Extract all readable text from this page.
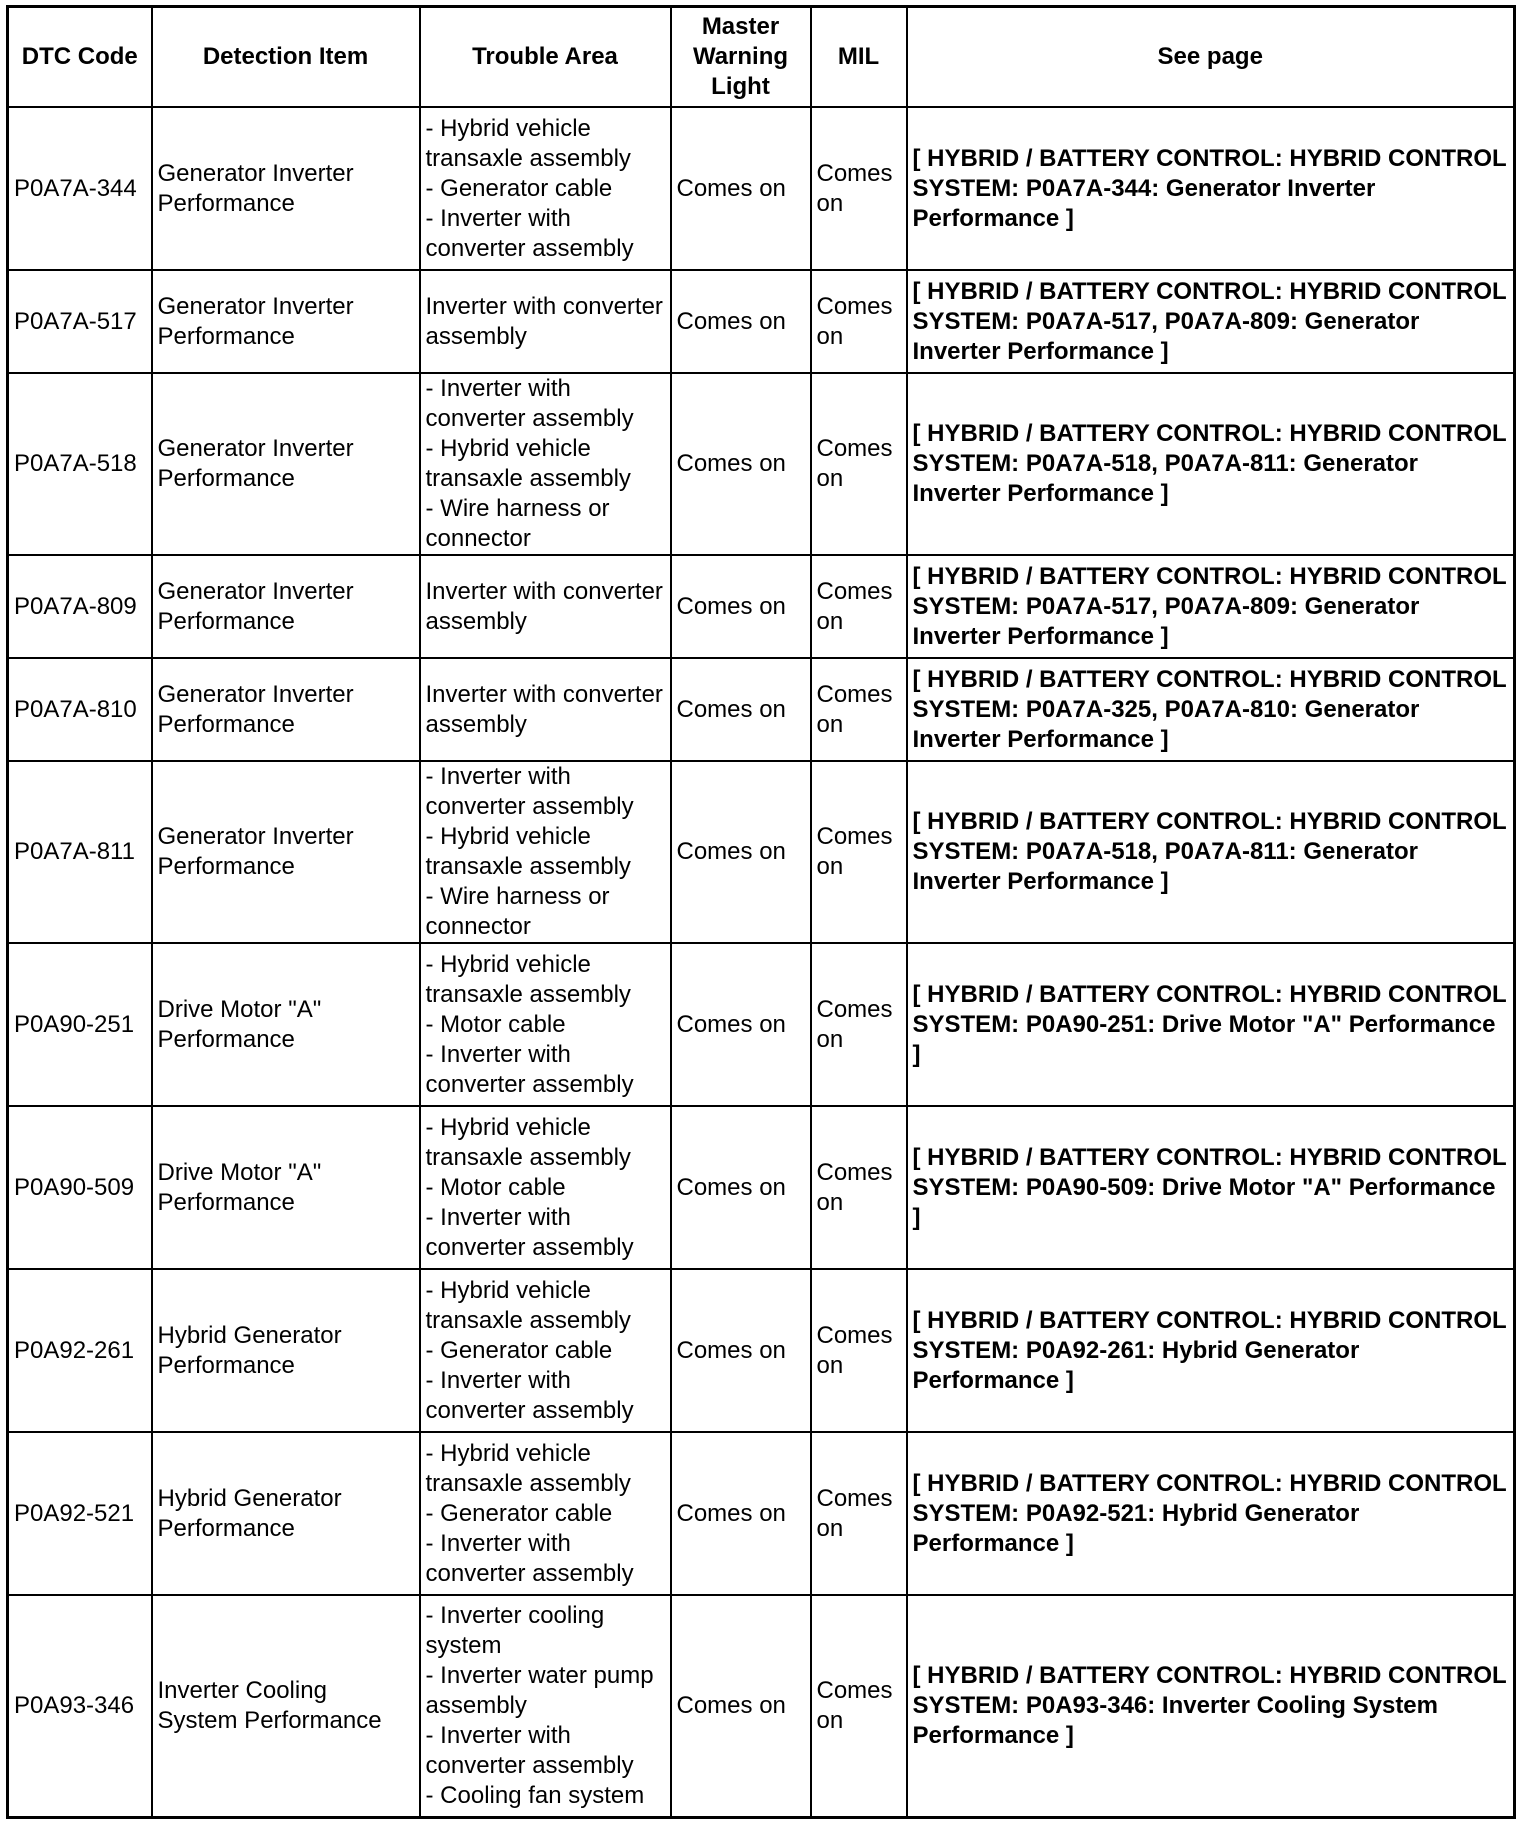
DTC Code	Detection Item	Trouble Area	Master Warning Light	MIL	See page
P0A7A-344	Generator Inverter Performance	- Hybrid vehicle transaxle assembly
- Generator cable
- Inverter with converter assembly	Comes on	Comes on	[ HYBRID / BATTERY CONTROL: HYBRID CONTROL SYSTEM: P0A7A-344: Generator Inverter Performance ]
P0A7A-517	Generator Inverter Performance	Inverter with converter assembly	Comes on	Comes on	[ HYBRID / BATTERY CONTROL: HYBRID CONTROL SYSTEM: P0A7A-517, P0A7A-809: Generator Inverter Performance ]
P0A7A-518	Generator Inverter Performance	- Inverter with converter assembly
- Hybrid vehicle transaxle assembly
- Wire harness or connector	Comes on	Comes on	[ HYBRID / BATTERY CONTROL: HYBRID CONTROL SYSTEM: P0A7A-518, P0A7A-811: Generator Inverter Performance ]
P0A7A-809	Generator Inverter Performance	Inverter with converter assembly	Comes on	Comes on	[ HYBRID / BATTERY CONTROL: HYBRID CONTROL SYSTEM: P0A7A-517, P0A7A-809: Generator Inverter Performance ]
P0A7A-810	Generator Inverter Performance	Inverter with converter assembly	Comes on	Comes on	[ HYBRID / BATTERY CONTROL: HYBRID CONTROL SYSTEM: P0A7A-325, P0A7A-810: Generator Inverter Performance ]
P0A7A-811	Generator Inverter Performance	- Inverter with converter assembly
- Hybrid vehicle transaxle assembly
- Wire harness or connector	Comes on	Comes on	[ HYBRID / BATTERY CONTROL: HYBRID CONTROL SYSTEM: P0A7A-518, P0A7A-811: Generator Inverter Performance ]
P0A90-251	Drive Motor "A" Performance	- Hybrid vehicle transaxle assembly
- Motor cable
- Inverter with converter assembly	Comes on	Comes on	[ HYBRID / BATTERY CONTROL: HYBRID CONTROL SYSTEM: P0A90-251: Drive Motor "A" Performance ]
P0A90-509	Drive Motor "A" Performance	- Hybrid vehicle transaxle assembly
- Motor cable
- Inverter with converter assembly	Comes on	Comes on	[ HYBRID / BATTERY CONTROL: HYBRID CONTROL SYSTEM: P0A90-509: Drive Motor "A" Performance ]
P0A92-261	Hybrid Generator Performance	- Hybrid vehicle transaxle assembly
- Generator cable
- Inverter with converter assembly	Comes on	Comes on	[ HYBRID / BATTERY CONTROL: HYBRID CONTROL SYSTEM: P0A92-261: Hybrid Generator Performance ]
P0A92-521	Hybrid Generator Performance	- Hybrid vehicle transaxle assembly
- Generator cable
- Inverter with converter assembly	Comes on	Comes on	[ HYBRID / BATTERY CONTROL: HYBRID CONTROL SYSTEM: P0A92-521: Hybrid Generator Performance ]
P0A93-346	Inverter Cooling System Performance	- Inverter cooling system
- Inverter water pump assembly
- Inverter with converter assembly
- Cooling fan system	Comes on	Comes on	[ HYBRID / BATTERY CONTROL: HYBRID CONTROL SYSTEM: P0A93-346: Inverter Cooling System Performance ]
